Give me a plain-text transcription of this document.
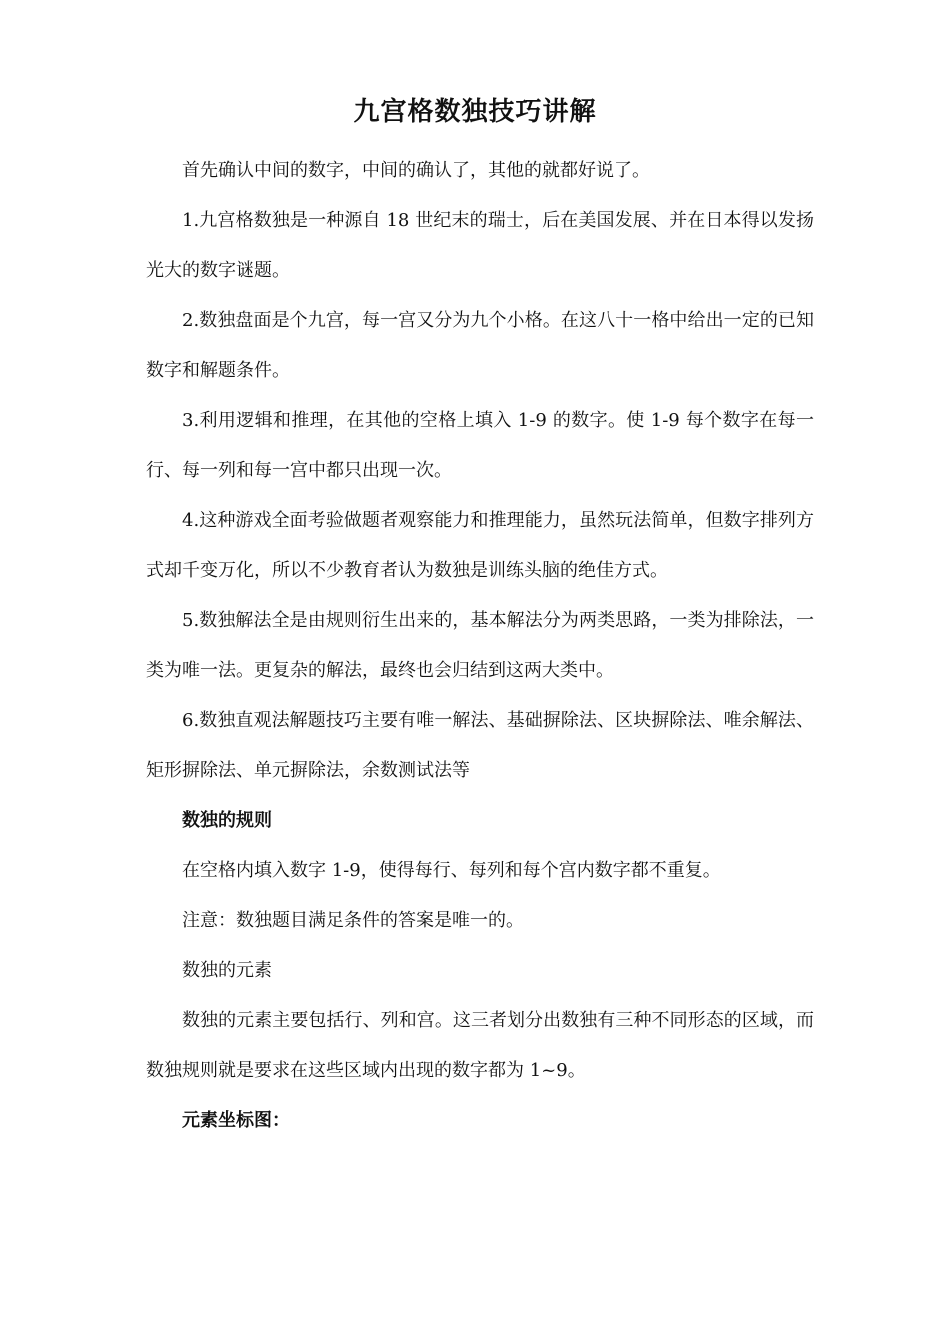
九宫格数独技巧讲解

首先确认中间的数字，中间的确认了，其他的就都好说了。

1.九宫格数独是一种源自 18 世纪末的瑞士，后在美国发展、并在日本得以发扬光大的数字谜题。

2.数独盘面是个九宫，每一宫又分为九个小格。在这八十一格中给出一定的已知数字和解题条件。

3.利用逻辑和推理，在其他的空格上填入 1-9 的数字。使 1-9 每个数字在每一行、每一列和每一宫中都只出现一次。

4.这种游戏全面考验做题者观察能力和推理能力，虽然玩法简单，但数字排列方式却千变万化，所以不少教育者认为数独是训练头脑的绝佳方式。

5.数独解法全是由规则衍生出来的，基本解法分为两类思路，一类为排除法，一类为唯一法。更复杂的解法，最终也会归结到这两大类中。

6.数独直观法解题技巧主要有唯一解法、基础摒除法、区块摒除法、唯余解法、矩形摒除法、单元摒除法，余数测试法等

数独的规则

在空格内填入数字 1-9，使得每行、每列和每个宫内数字都不重复。

注意：数独题目满足条件的答案是唯一的。

数独的元素

数独的元素主要包括行、列和宫。这三者划分出数独有三种不同形态的区域，而数独规则就是要求在这些区域内出现的数字都为 1~9。

元素坐标图：
